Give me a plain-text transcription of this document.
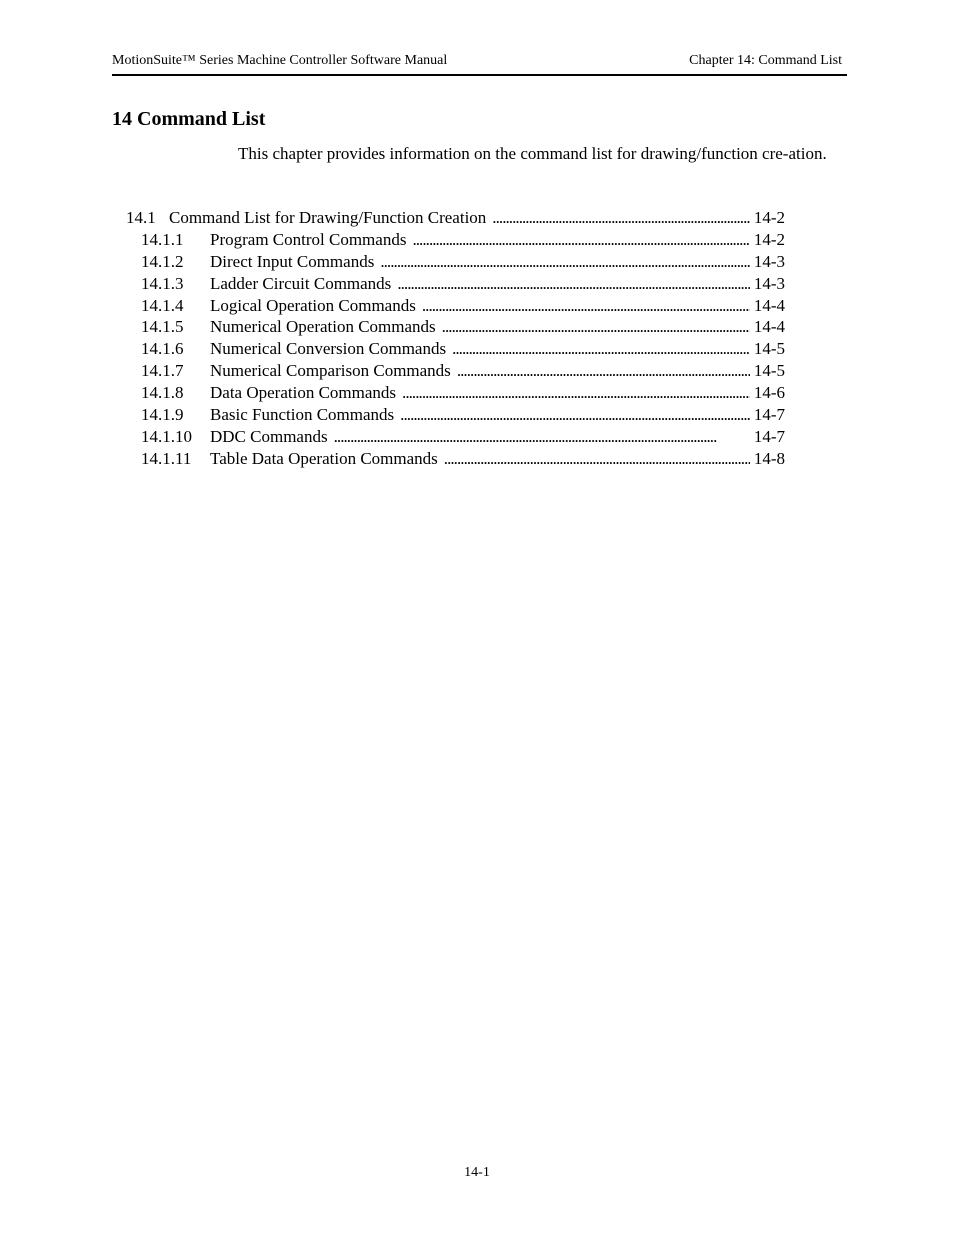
MotionSuite™ Series Machine Controller Software Manual	Chapter 14: Command List
14 Command List
This chapter provides information on the command list for drawing/function cre-ation.
14.1 Command List for Drawing/Function Creation . . .	14-2
14.1.1 Program Control Commands . . .	14-2
14.1.2 Direct Input Commands . . .	14-3
14.1.3 Ladder Circuit Commands . . .	14-3
14.1.4 Logical Operation Commands . . .	14-4
14.1.5 Numerical Operation Commands . . .	14-4
14.1.6 Numerical Conversion Commands . . .	14-5
14.1.7 Numerical Comparison Commands . . .	14-5
14.1.8 Data Operation Commands . . .	14-6
14.1.9 Basic Function Commands . . .	14-7
14.1.10 DDC Commands . . .	14-7
14.1.11 Table Data Operation Commands . . .	14-8
14-1
